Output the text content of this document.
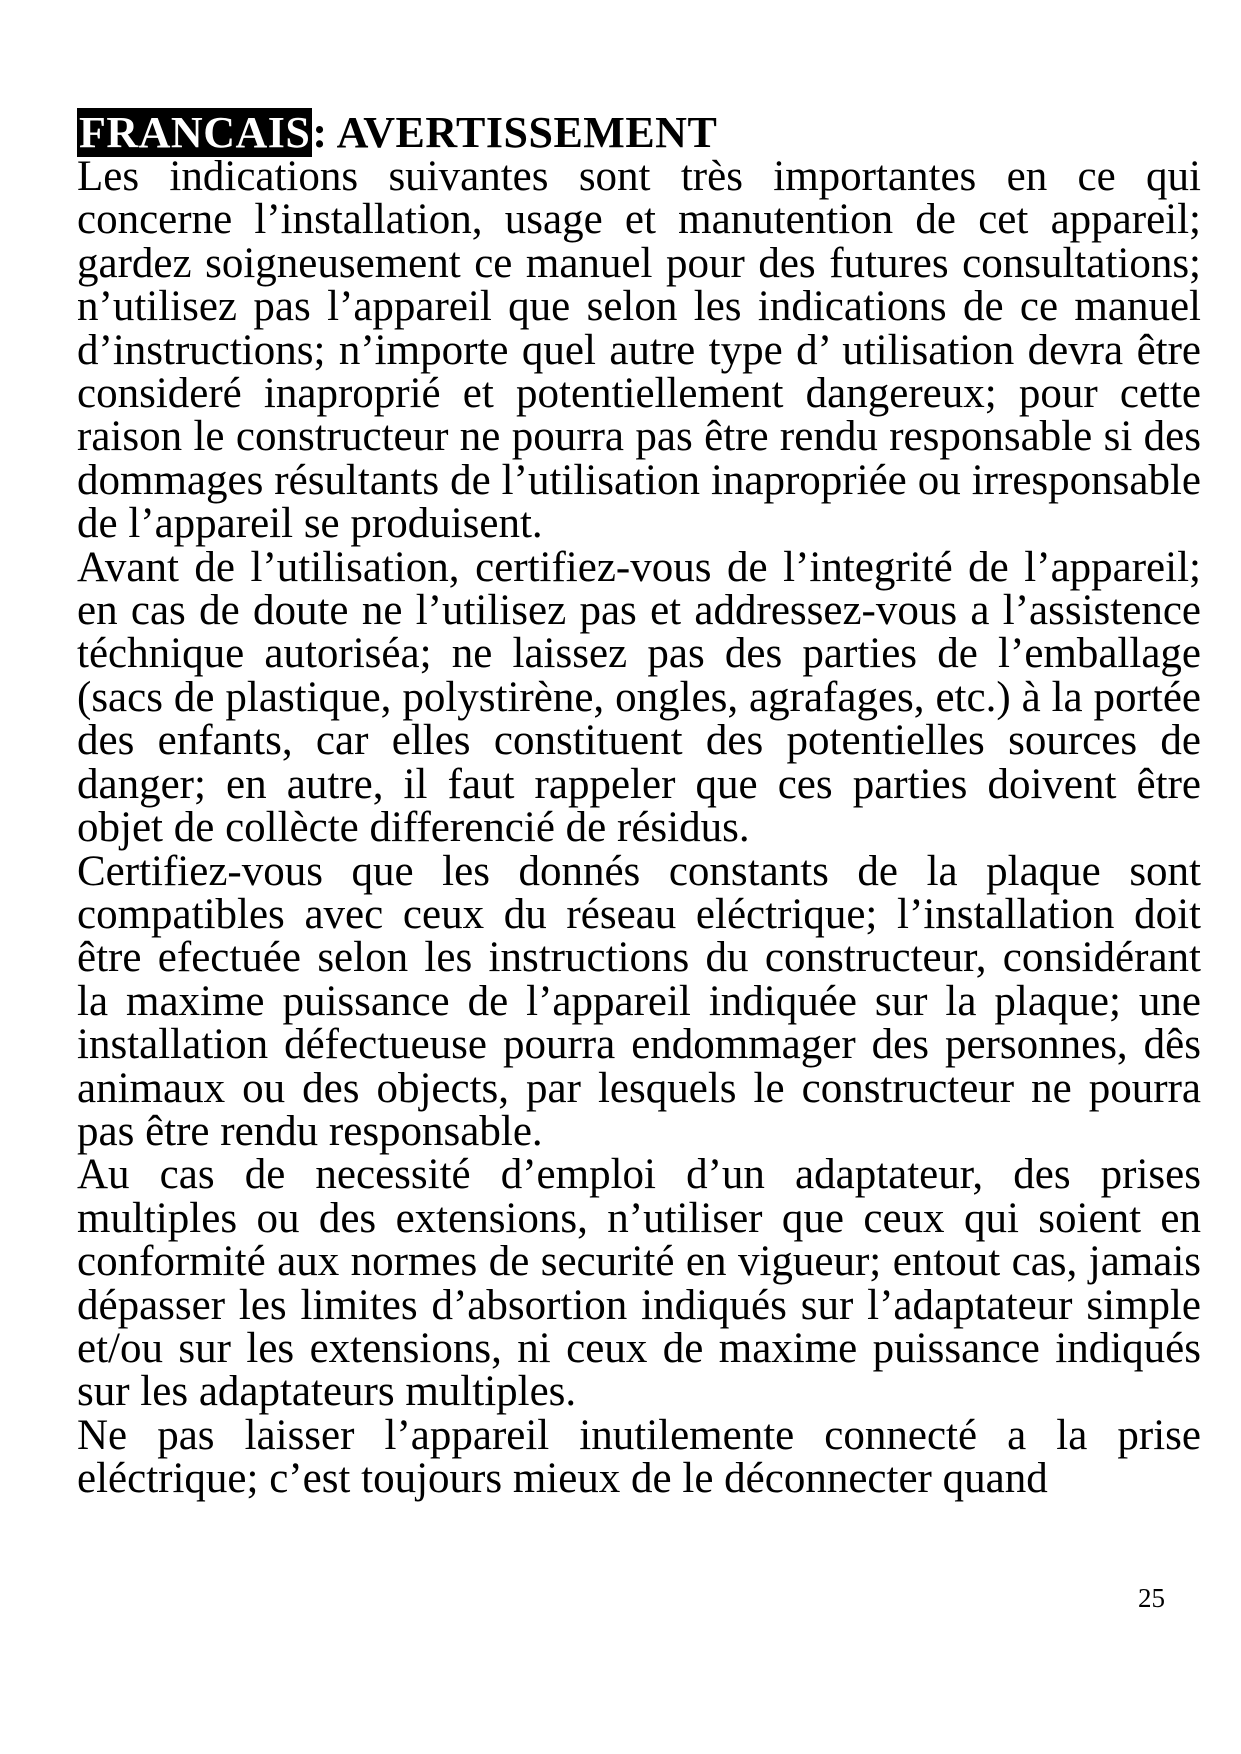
FRANCAIS: AVERTISSEMENT

Les indications suivantes sont très importantes en ce qui concerne l’installation, usage et manutention de cet appareil; gardez soigneusement ce manuel pour des futures consultations; n’utilisez pas l’appareil que selon les indications de ce manuel d’instructions; n’importe quel autre type d’ utilisation devra être consideré inaproprié et potentiellement dangereux; pour cette raison le constructeur ne pourra pas être rendu responsable si des dommages résultants de l’utilisation inapropriée ou irresponsable de l’appareil se produisent.

Avant de l’utilisation, certifiez-vous de l’integrité de l’appareil; en cas de doute ne l’utilisez pas et addressez-vous a l’assistence téchnique autoriséa; ne laissez pas des parties de l’emballage (sacs de plastique, polystirène, ongles, agrafages, etc.) à la portée des enfants, car elles constituent des potentielles sources de danger; en autre, il faut rappeler que ces parties doivent être objet de collècte differencié de résidus.

Certifiez-vous que les donnés constants de la plaque sont compatibles avec ceux du réseau eléctrique; l’installation doit être efectuée selon les instructions du constructeur, considérant la maxime puissance de l’appareil indiquée sur la plaque; une installation défectueuse pourra endommager des personnes, dês animaux ou des objects, par lesquels le constructeur ne pourra pas être rendu responsable.

Au cas de necessité d’emploi d’un adaptateur, des prises multiples ou des extensions, n’utiliser que ceux qui soient en conformité aux normes de securité en vigueur; entout cas, jamais dépasser les limites d’absortion indiqués sur l’adaptateur simple et/ou sur les extensions, ni ceux de maxime puissance indiqués sur les adaptateurs multiples.

Ne pas laisser l’appareil inutilemente connecté a la prise eléctrique; c’est toujours mieux de le déconnecter quand

25
